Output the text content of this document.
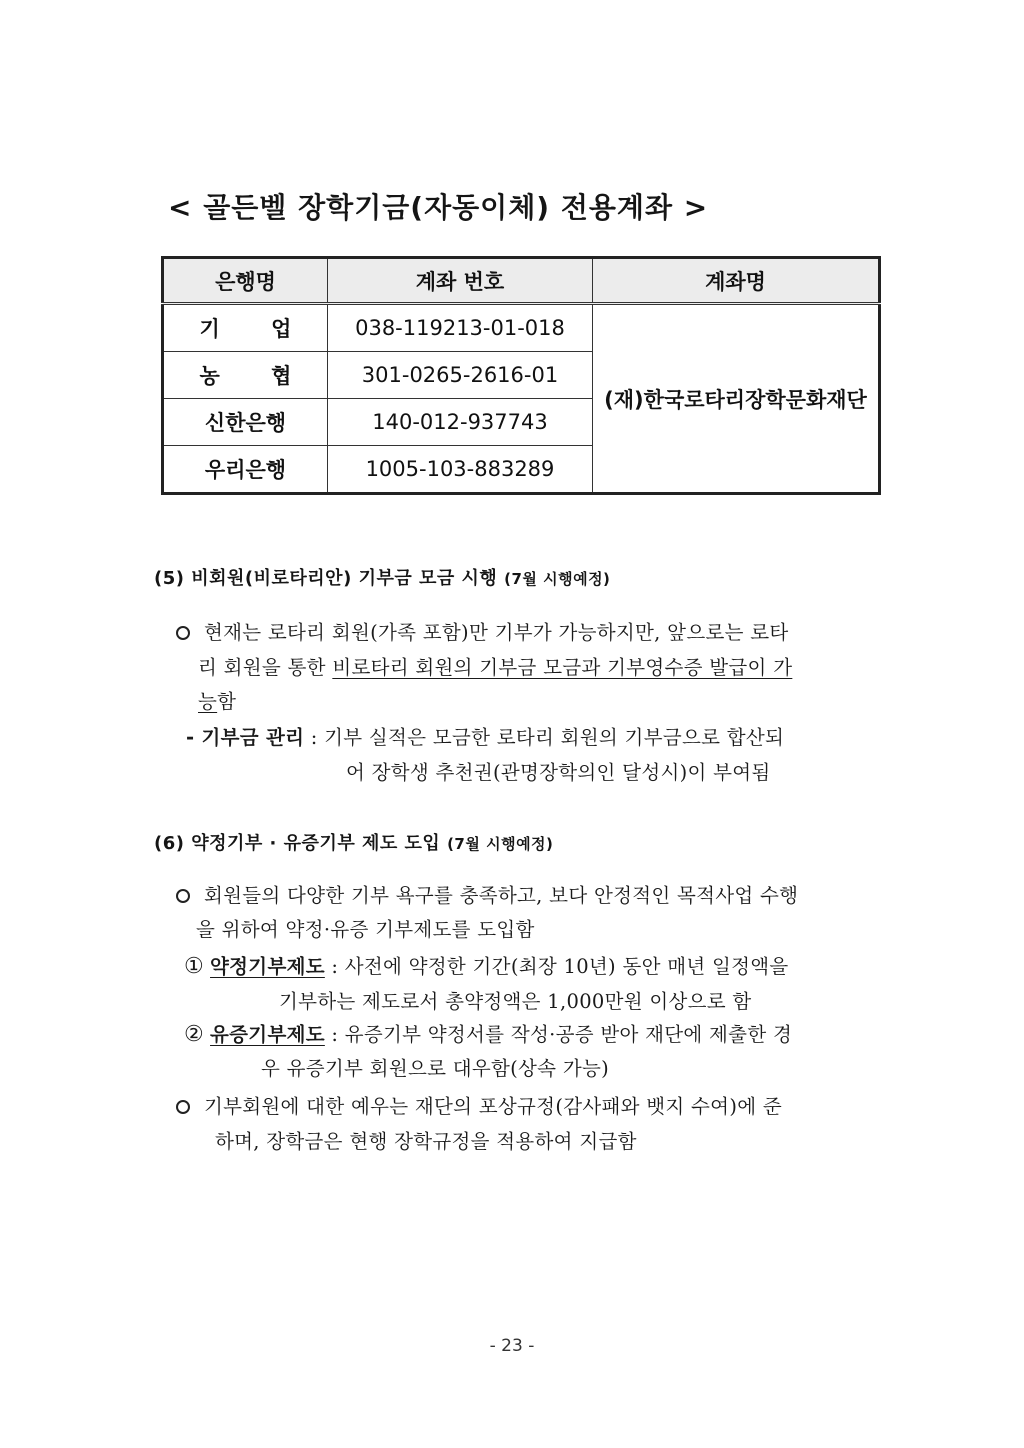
< 골든벨 장학기금(자동이체) 전용계좌 >
은행명	계좌 번호	계좌명
기 업	038-119213-01-018	(재)한국로타리장학문화재단
농 협	301-0265-2616-01	
신한은행	140-012-937743	
우리은행	1005-103-883289	
(5) 비회원(비로타리안) 기부금 모금 시행 (7월 시행예정)
현재는 로타리 회원(가족 포함)만 기부가 가능하지만, 앞으로는 로타
리 회원을 통한 비로타리 회원의 기부금 모금과 기부영수증 발급이 가
능함
- 기부금 관리 : 기부 실적은 모금한 로타리 회원의 기부금으로 합산되
어 장학생 추천권(관명장학의인 달성시)이 부여됨
(6) 약정기부 · 유증기부 제도 도입 (7월 시행예정)
회원들의 다양한 기부 욕구를 충족하고, 보다 안정적인 목적사업 수행
을 위하여 약정·유증 기부제도를 도입함
① 약정기부제도 : 사전에 약정한 기간(최장 10년) 동안 매년 일정액을
기부하는 제도로서 총약정액은 1,000만원 이상으로 함
② 유증기부제도 : 유증기부 약정서를 작성·공증 받아 재단에 제출한 경
우 유증기부 회원으로 대우함(상속 가능)
기부회원에 대한 예우는 재단의 포상규정(감사패와 뱃지 수여)에 준
하며, 장학금은 현행 장학규정을 적용하여 지급함
- 23 -
